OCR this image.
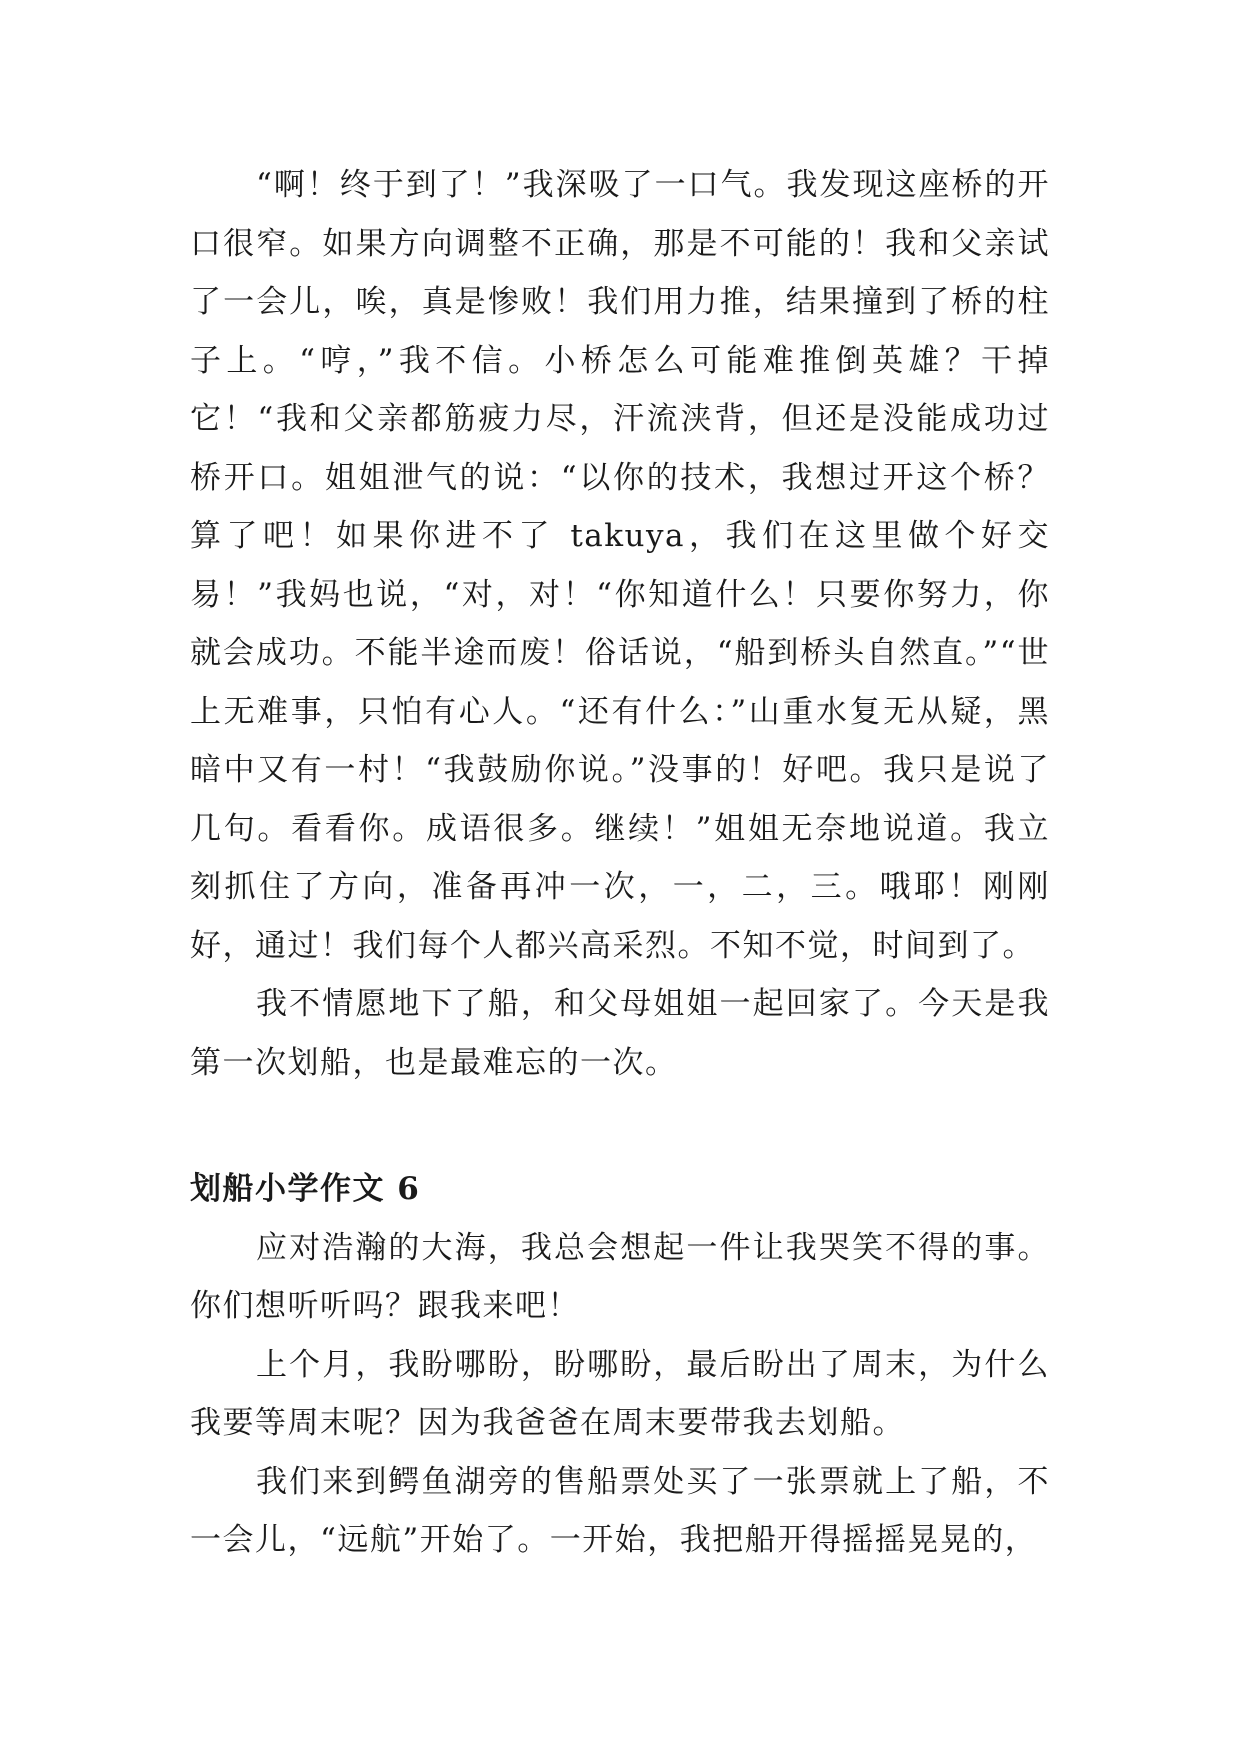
“啊！终于到了！”我深吸了一口气。我发现这座桥的开口很窄。如果方向调整不正确，那是不可能的！我和父亲试了一会儿，唉，真是惨败！我们用力推，结果撞到了桥的柱子上。“哼，”我不信。小桥怎么可能难推倒英雄？干掉它！“我和父亲都筋疲力尽，汗流浃背，但还是没能成功过桥开口。姐姐泄气的说：“以你的技术，我想过开这个桥？算了吧！如果你进不了 takuya，我们在这里做个好交易！”我妈也说，“对，对！“你知道什么！只要你努力，你就会成功。不能半途而废！俗话说，“船到桥头自然直。”“世上无难事，只怕有心人。“还有什么：”山重水复无从疑，黑暗中又有一村！“我鼓励你说。”没事的！好吧。我只是说了几句。看看你。成语很多。继续！”姐姐无奈地说道。我立刻抓住了方向，准备再冲一次，一，二，三。哦耶！刚刚好，通过！我们每个人都兴高采烈。不知不觉，时间到了。

我不情愿地下了船，和父母姐姐一起回家了。今天是我第一次划船，也是最难忘的一次。

划船小学作文 6

应对浩瀚的大海，我总会想起一件让我哭笑不得的事。你们想听听吗？跟我来吧！

上个月，我盼哪盼，盼哪盼，最后盼出了周末，为什么我要等周末呢？因为我爸爸在周末要带我去划船。

我们来到鳄鱼湖旁的售船票处买了一张票就上了船，不一会儿，“远航”开始了。一开始，我把船开得摇摇晃晃的，
